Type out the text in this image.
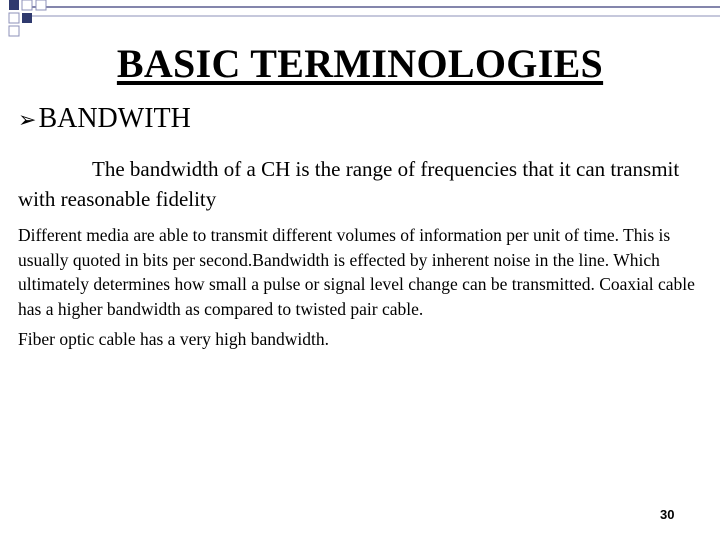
BASIC TERMINOLOGIES
➢ BANDWITH

The bandwidth of a CH is the range of frequencies that it can transmit with reasonable fidelity

Different media are able to transmit different volumes of information per unit of time. This is usually quoted in bits per second.Bandwidth is effected by inherent noise in the line. Which ultimately determines how small a pulse or signal level change can be transmitted. Coaxial cable has a higher bandwidth as compared to twisted pair cable.

Fiber optic cable has a very high bandwidth.

30
